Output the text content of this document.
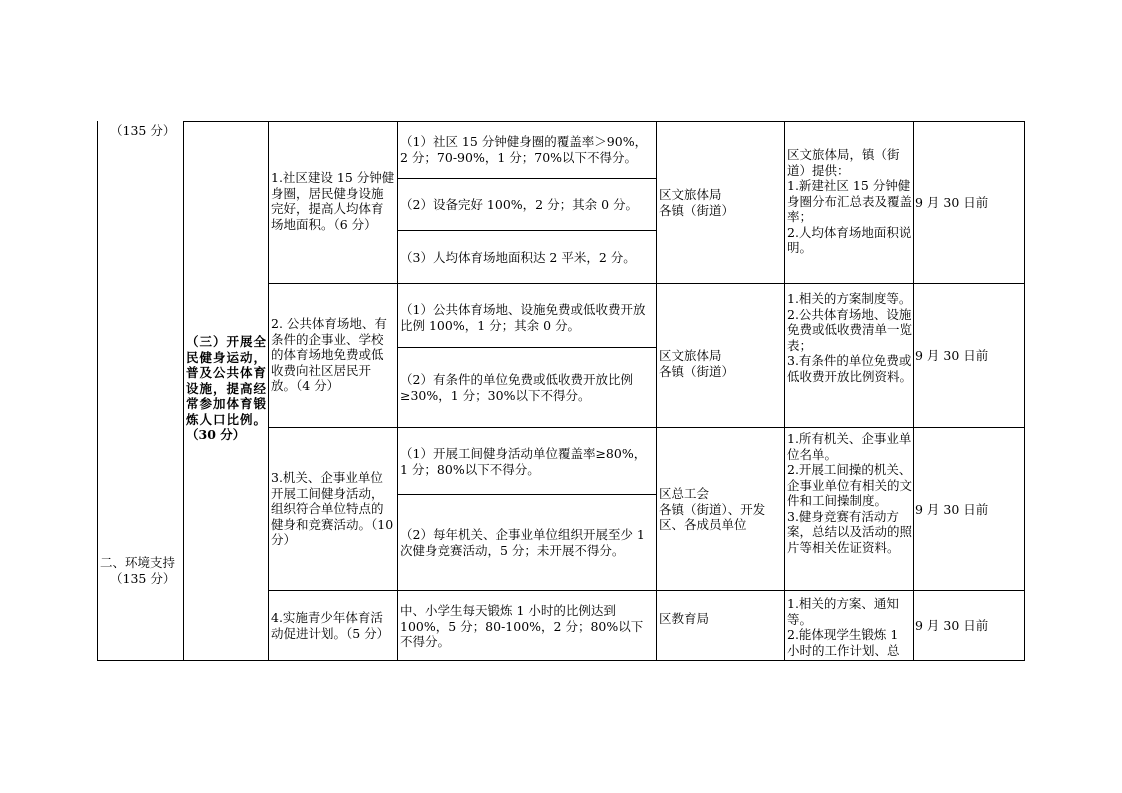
（135 分）
二、环境支持
（135 分）
（三）开展全民健身运动，普及公共体育设施，提高经常参加体育锻炼人口比例。（30 分）
1.社区建设 15 分钟健身圈，居民健身设施完好，提高人均体育场地面积。（6 分）
（1）社区 15 分钟健身圈的覆盖率＞90%，2 分；70-90%，1 分；70%以下不得分。
（2）设备完好 100%，2 分；其余 0 分。
（3）人均体育场地面积达 2 平米，2 分。
区文旅体局
各镇（街道）
区文旅体局，镇（街道）提供：
1.新建社区 15 分钟健身圈分布汇总表及覆盖率；
2.人均体育场地面积说明。
9 月 30 日前
2. 公共体育场地、有条件的企事业、学校的体育场地免费或低收费向社区居民开放。（4 分）
（1）公共体育场地、设施免费或低收费开放比例 100%，1 分；其余 0 分。
（2）有条件的单位免费或低收费开放比例≥30%，1 分；30%以下不得分。
区文旅体局
各镇（街道）
1.相关的方案制度等。
2.公共体育场地、设施免费或低收费清单一览表；
3.有条件的单位免费或低收费开放比例资料。
9 月 30 日前
3.机关、企事业单位开展工间健身活动，组织符合单位特点的健身和竞赛活动。（10 分）
（1）开展工间健身活动单位覆盖率≥80%，1 分；80%以下不得分。
（2）每年机关、企事业单位组织开展至少 1 次健身竞赛活动，5 分；未开展不得分。
区总工会
各镇（街道）、开发区、各成员单位
1.所有机关、企事业单位名单。
2.开展工间操的机关、企事业单位有相关的文件和工间操制度。
3.健身竞赛有活动方案，总结以及活动的照片等相关佐证资料。
9 月 30 日前
4.实施青少年体育活动促进计划。（5 分）
中、小学生每天锻炼 1 小时的比例达到 100%，5 分；80-100%，2 分；80%以下不得分。
区教育局
1.相关的方案、通知等。
2.能体现学生锻炼 1 小时的工作计划、总
9 月 30 日前
